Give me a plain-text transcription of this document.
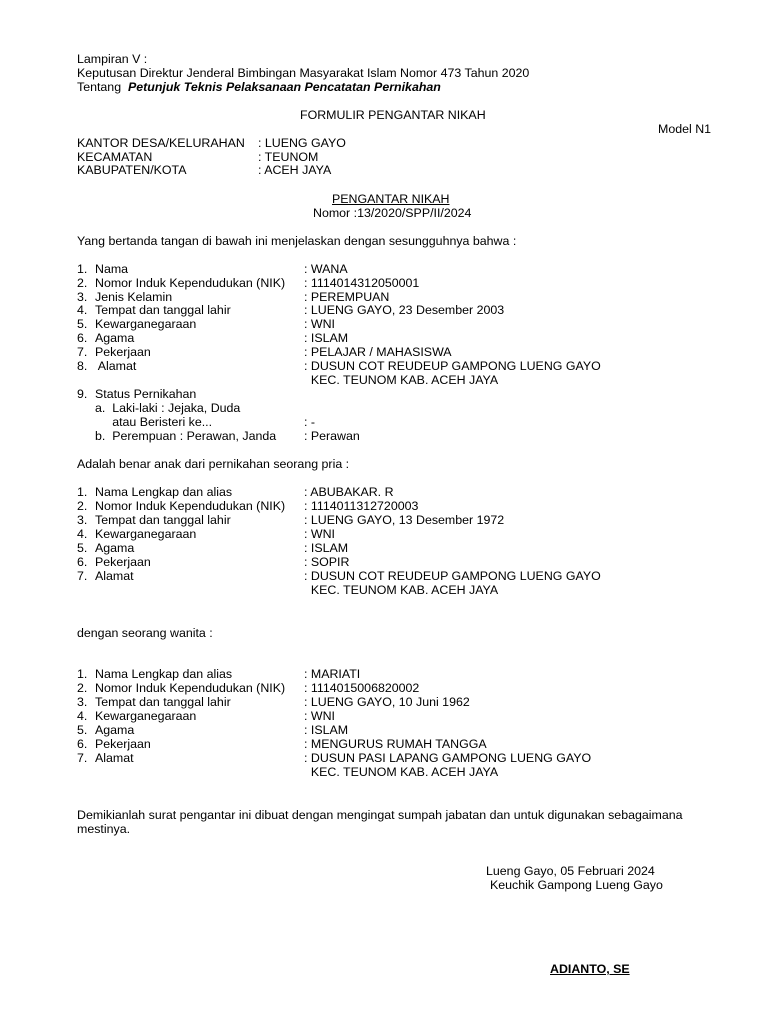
Lampiran V :
Keputusan Direktur Jenderal Bimbingan Masyarakat Islam Nomor 473 Tahun 2020
Tentang Petunjuk Teknis Pelaksanaan Pencatatan Pernikahan
FORMULIR PENGANTAR NIKAH
Model N1
KANTOR DESA/KELURAHAN : LUENG GAYO
KECAMATAN	: TEUNOM
KABUPATEN/KOTA	: ACEH JAYA
PENGANTAR NIKAH
Nomor :13/2020/SPP/II/2024
Yang bertanda tangan di bawah ini menjelaskan dengan sesungguhnya bahwa :
1. Nama	: WANA
2. Nomor Induk Kependudukan (NIK) : 1114014312050001
3. Jenis Kelamin	: PEREMPUAN
4. Tempat dan tanggal lahir	: LUENG GAYO, 23 Desember 2003
5. Kewarganegaraan	: WNI
6. Agama	: ISLAM
7. Pekerjaan	: PELAJAR / MAHASISWA
8. Alamat	: DUSUN COT REUDEUP GAMPONG LUENG GAYO
KEC. TEUNOM KAB. ACEH JAYA
9. Status Pernikahan
a.  Laki-laki : Jejaka, Duda
atau Beristeri ke...	: -
b.  Perempuan : Perawan, Janda : Perawan
Adalah benar anak dari pernikahan seorang pria :
1. Nama Lengkap dan alias	: ABUBAKAR. R
2. Nomor Induk Kependudukan (NIK) : 1114011312720003
3. Tempat dan tanggal lahir	: LUENG GAYO, 13 Desember 1972
4. Kewarganegaraan	: WNI
5. Agama	: ISLAM
6. Pekerjaan	: SOPIR
7. Alamat	: DUSUN COT REUDEUP GAMPONG LUENG GAYO
KEC. TEUNOM KAB. ACEH JAYA
dengan seorang wanita :
1. Nama Lengkap dan alias	: MARIATI
2. Nomor Induk Kependudukan (NIK) : 1114015006820002
3. Tempat dan tanggal lahir	: LUENG GAYO, 10 Juni 1962
4. Kewarganegaraan	: WNI
5. Agama	: ISLAM
6. Pekerjaan	: MENGURUS RUMAH TANGGA
7. Alamat	: DUSUN PASI LAPANG GAMPONG LUENG GAYO
KEC. TEUNOM KAB. ACEH JAYA
Demikianlah surat pengantar ini dibuat dengan mengingat sumpah jabatan dan untuk digunakan sebagaimana
mestinya.
Lueng Gayo, 05 Februari 2024
Keuchik Gampong Lueng Gayo
ADIANTO, SE
